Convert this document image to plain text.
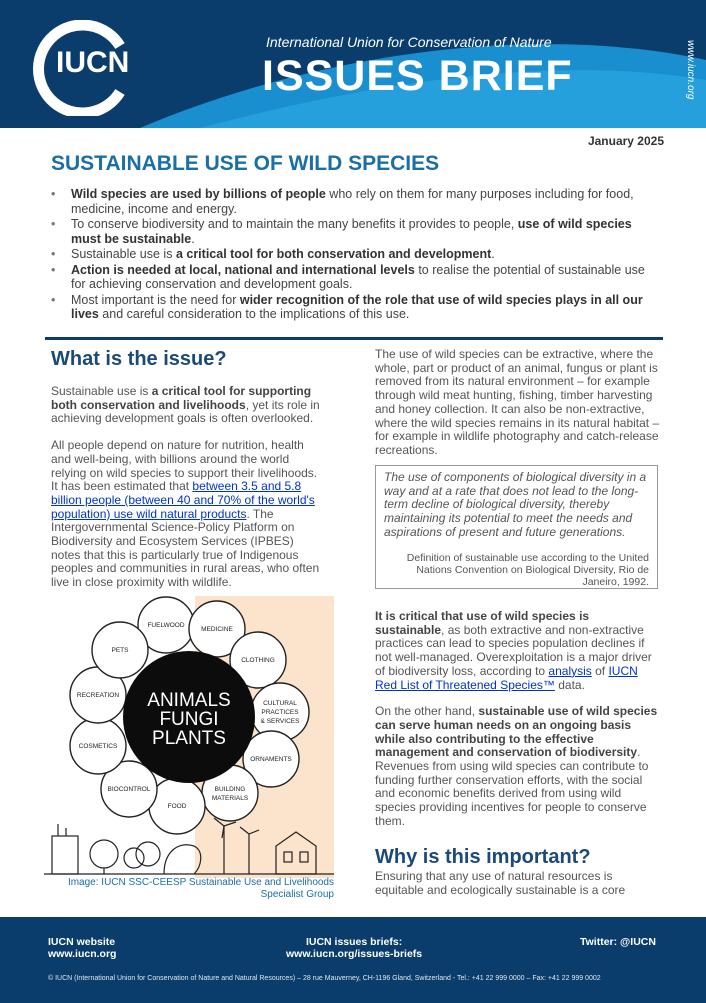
IUCN
International Union for Conservation of Nature
ISSUES BRIEF	www.iucn.org
January 2025
SUSTAINABLE USE OF WILD SPECIES
• Wild species are used by billions of people who rely on them for many purposes including for food, medicine, income and energy.
• To conserve biodiversity and to maintain the many benefits it provides to people, use of wild species must be sustainable.
• Sustainable use is a critical tool for both conservation and development.
• Action is needed at local, national and international levels to realise the potential of sustainable use for achieving conservation and development goals.
• Most important is the need for wider recognition of the role that use of wild species plays in all our lives and careful consideration to the implications of this use.
What is the issue?

Sustainable use is a critical tool for supporting both conservation and livelihoods, yet its role in achieving development goals is often overlooked.

All people depend on nature for nutrition, health and well-being, with billions around the world relying on wild species to support their livelihoods. It has been estimated that between 3.5 and 5.8 billion people (between 40 and 70% of the world's population) use wild natural products. The Intergovernmental Science-Policy Platform on Biodiversity and Ecosystem Services (IPBES) notes that this is particularly true of Indigenous peoples and communities in rural areas, who often live in close proximity with wildlife.

FUELWOOD
MEDICINE
CLOTHING
CULTURAL
PRACTICES
& SERVICES
ORNAMENTS
BUILDING
MATERIALS
FOOD
BIOCONTROL
COSMETICS
RECREATION
PETS
ANIMALS
FUNGI
PLANTS
Image: IUCN SSC-CEESP Sustainable Use and Livelihoods Specialist Group

The use of wild species can be extractive, where the whole, part or product of an animal, fungus or plant is removed from its natural environment – for example through wild meat hunting, fishing, timber harvesting and honey collection. It can also be non-extractive, where the wild species remains in its natural habitat – for example in wildlife photography and catch-release recreations.

The use of components of biological diversity in a way and at a rate that does not lead to the long-term decline of biological diversity, thereby maintaining its potential to meet the needs and aspirations of present and future generations.
Definition of sustainable use according to the United Nations Convention on Biological Diversity, Rio de Janeiro, 1992.

It is critical that use of wild species is sustainable, as both extractive and non-extractive practices can lead to species population declines if not well-managed. Overexploitation is a major driver of biodiversity loss, according to analysis of IUCN Red List of Threatened Species™ data.

On the other hand, sustainable use of wild species can serve human needs on an ongoing basis while also contributing to the effective management and conservation of biodiversity. Revenues from using wild species can contribute to funding further conservation efforts, with the social and economic benefits derived from using wild species providing incentives for people to conserve them.

Why is this important?

Ensuring that any use of natural resources is equitable and ecologically sustainable is a core

IUCN website
www.iucn.org
IUCN issues briefs:
www.iucn.org/issues-briefs
Twitter: @IUCN
© IUCN (International Union for Conservation of Nature and Natural Resources) – 28 rue Mauverney, CH-1196 Gland, Switzerland - Tel.: +41 22 999 0000 – Fax: +41 22 999 0002
